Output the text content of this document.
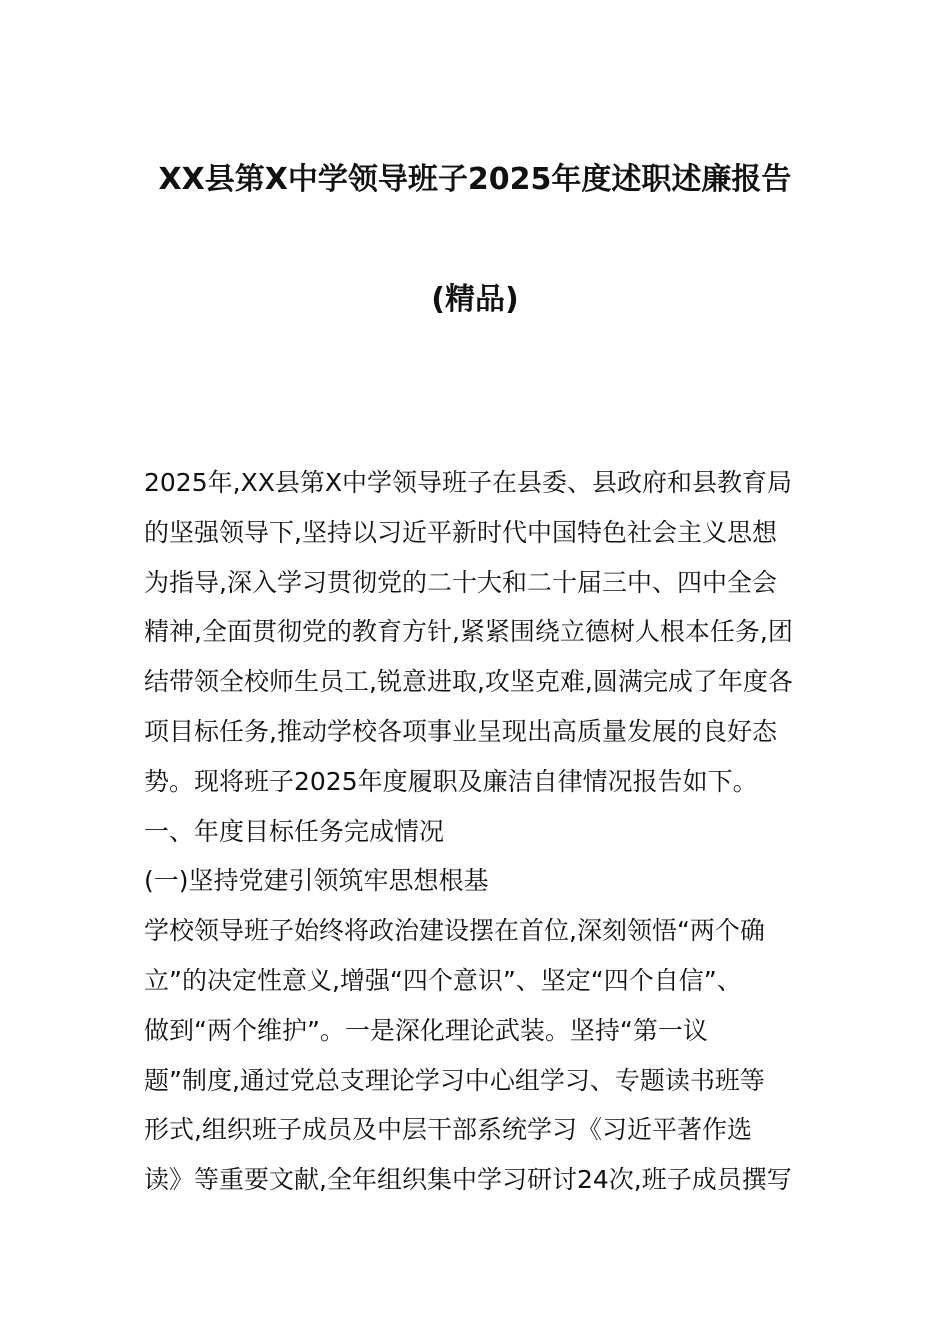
XX县第X中学领导班子2025年度述职述廉报告
(精品)
2025年,XX县第X中学领导班子在县委、县政府和县教育局
的坚强领导下,坚持以习近平新时代中国特色社会主义思想
为指导,深入学习贯彻党的二十大和二十届三中、四中全会
精神,全面贯彻党的教育方针,紧紧围绕立德树人根本任务,团
结带领全校师生员工,锐意进取,攻坚克难,圆满完成了年度各
项目标任务,推动学校各项事业呈现出高质量发展的良好态
势。现将班子2025年度履职及廉洁自律情况报告如下。
一、年度目标任务完成情况
(一)坚持党建引领筑牢思想根基
学校领导班子始终将政治建设摆在首位,深刻领悟“两个确
立”的决定性意义,增强“四个意识”、坚定“四个自信”、
做到“两个维护”。一是深化理论武装。坚持“第一议
题”制度,通过党总支理论学习中心组学习、专题读书班等
形式,组织班子成员及中层干部系统学习《习近平著作选
读》等重要文献,全年组织集中学习研讨24次,班子成员撰写
